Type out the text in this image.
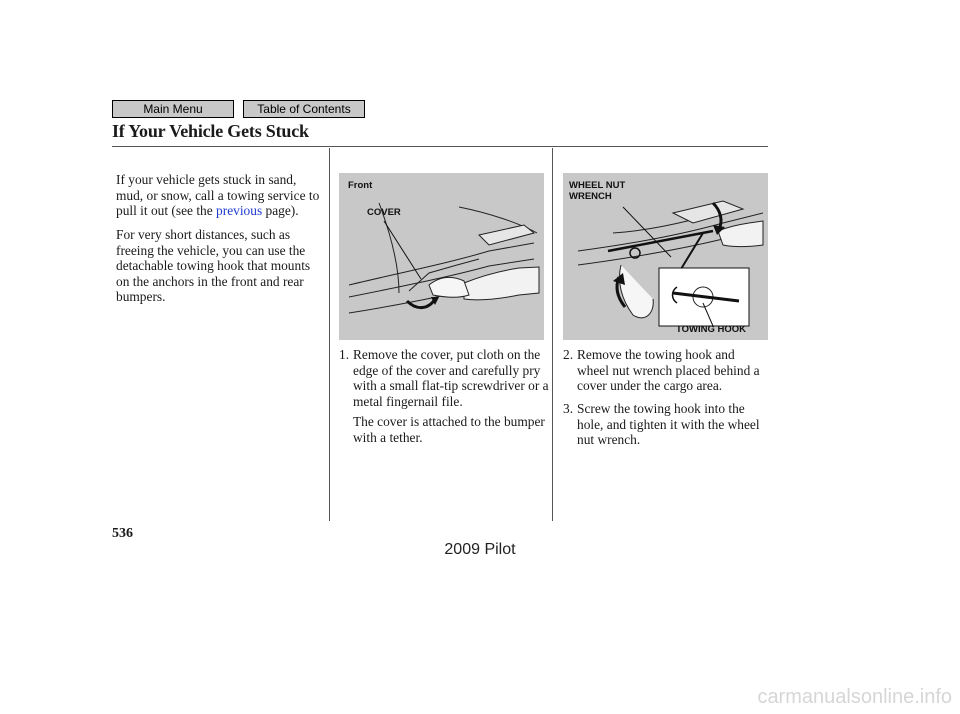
Main Menu	Table of Contents
If Your Vehicle Gets Stuck
If your vehicle gets stuck in sand, mud, or snow, call a towing service to pull it out (see the previous page).
For very short distances, such as freeing the vehicle, you can use the detachable towing hook that mounts on the anchors in the front and rear bumpers.
Front
COVER
WHEEL NUT
WRENCH
TOWING HOOK
1. Remove the cover, put cloth on the edge of the cover and carefully pry with a small flat-tip screwdriver or a metal fingernail file.
The cover is attached to the bumper with a tether.
2. Remove the towing hook and wheel nut wrench placed behind a cover under the cargo area.
3. Screw the towing hook into the hole, and tighten it with the wheel nut wrench.
536
2009 Pilot
carmanualsonline.info
